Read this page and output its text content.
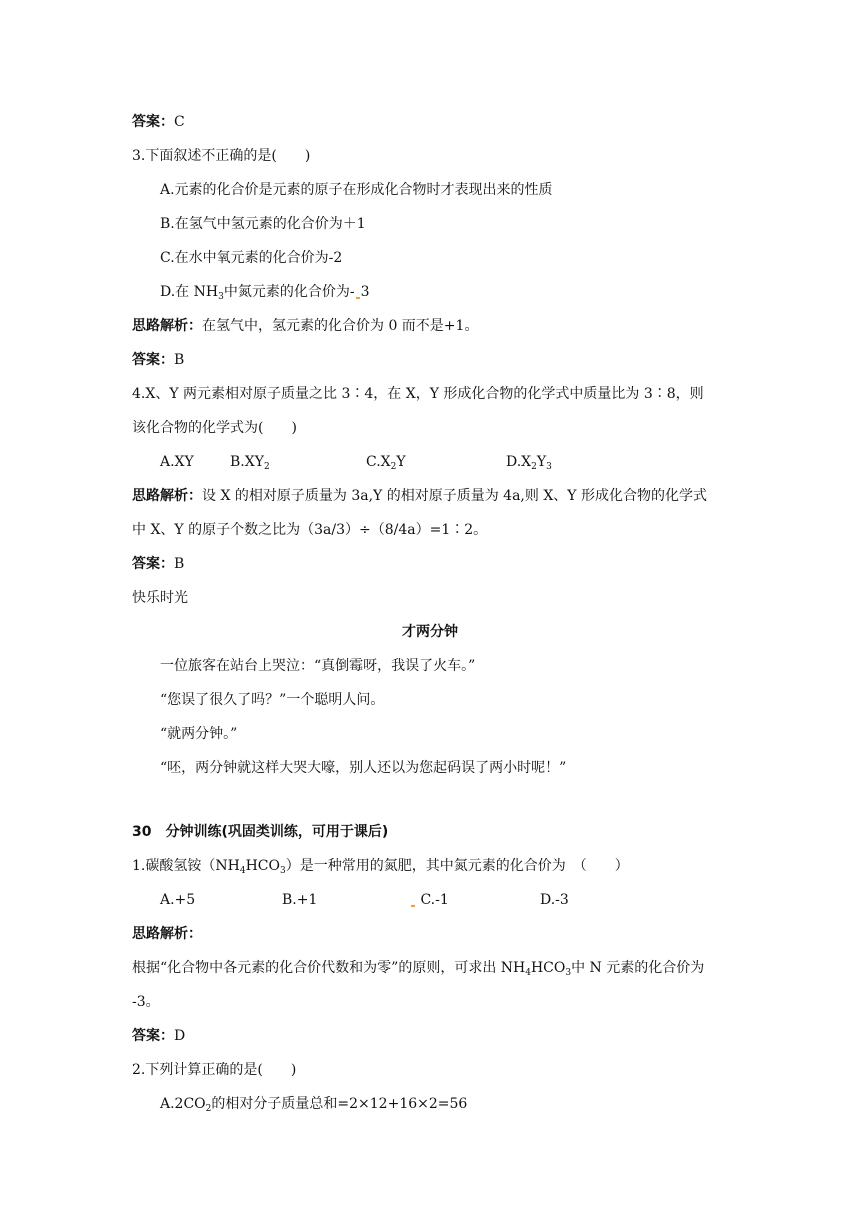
答案：C
3.下面叙述不正确的是(　　)
A.元素的化合价是元素的原子在形成化合物时才表现出来的性质
B.在氢气中氢元素的化合价为＋1
C.在水中氧元素的化合价为-2
D.在 $NH_3$中氮元素的化合价为- 3
思路解析：在氢气中，氢元素的化合价为 0 而不是+1。
答案：B
4.X、Y 两元素相对原子质量之比 3∶4，在 X，Y 形成化合物的化学式中质量比为 3∶8，则
该化合物的化学式为(　　)
A.XY	$B.XY_2$	$C.X_2Y$	$D.X_2Y_3$
思路解析：设 X 的相对原子质量为 3a,Y 的相对原子质量为 4a,则 X、Y 形成化合物的化学式
中 X、Y 的原子个数之比为（3a/3）÷（8/4a）=1∶2。
答案：B
快乐时光
才两分钟
一位旅客在站台上哭泣：“真倒霉呀，我误了火车。”
“您误了很久了吗？”一个聪明人问。
“就两分钟。”
“呸，两分钟就这样大哭大嚎，别人还以为您起码误了两小时呢！”
30　分钟训练(巩固类训练，可用于课后)
1.碳酸氢铵$(NH_4HCO_3)$是一种常用的氮肥，其中氮元素的化合价为　（　　）
A.+5	B.+1	C.-1	D.-3
思路解析：
根据“化合物中各元素的化合价代数和为零”的原则，可求出 $NH_4HCO_3$中 N 元素的化合价为
-3。
答案：D
2.下列计算正确的是(　　)
$A.2CO_2$的相对分子质量总和=2×12+16×2=56
